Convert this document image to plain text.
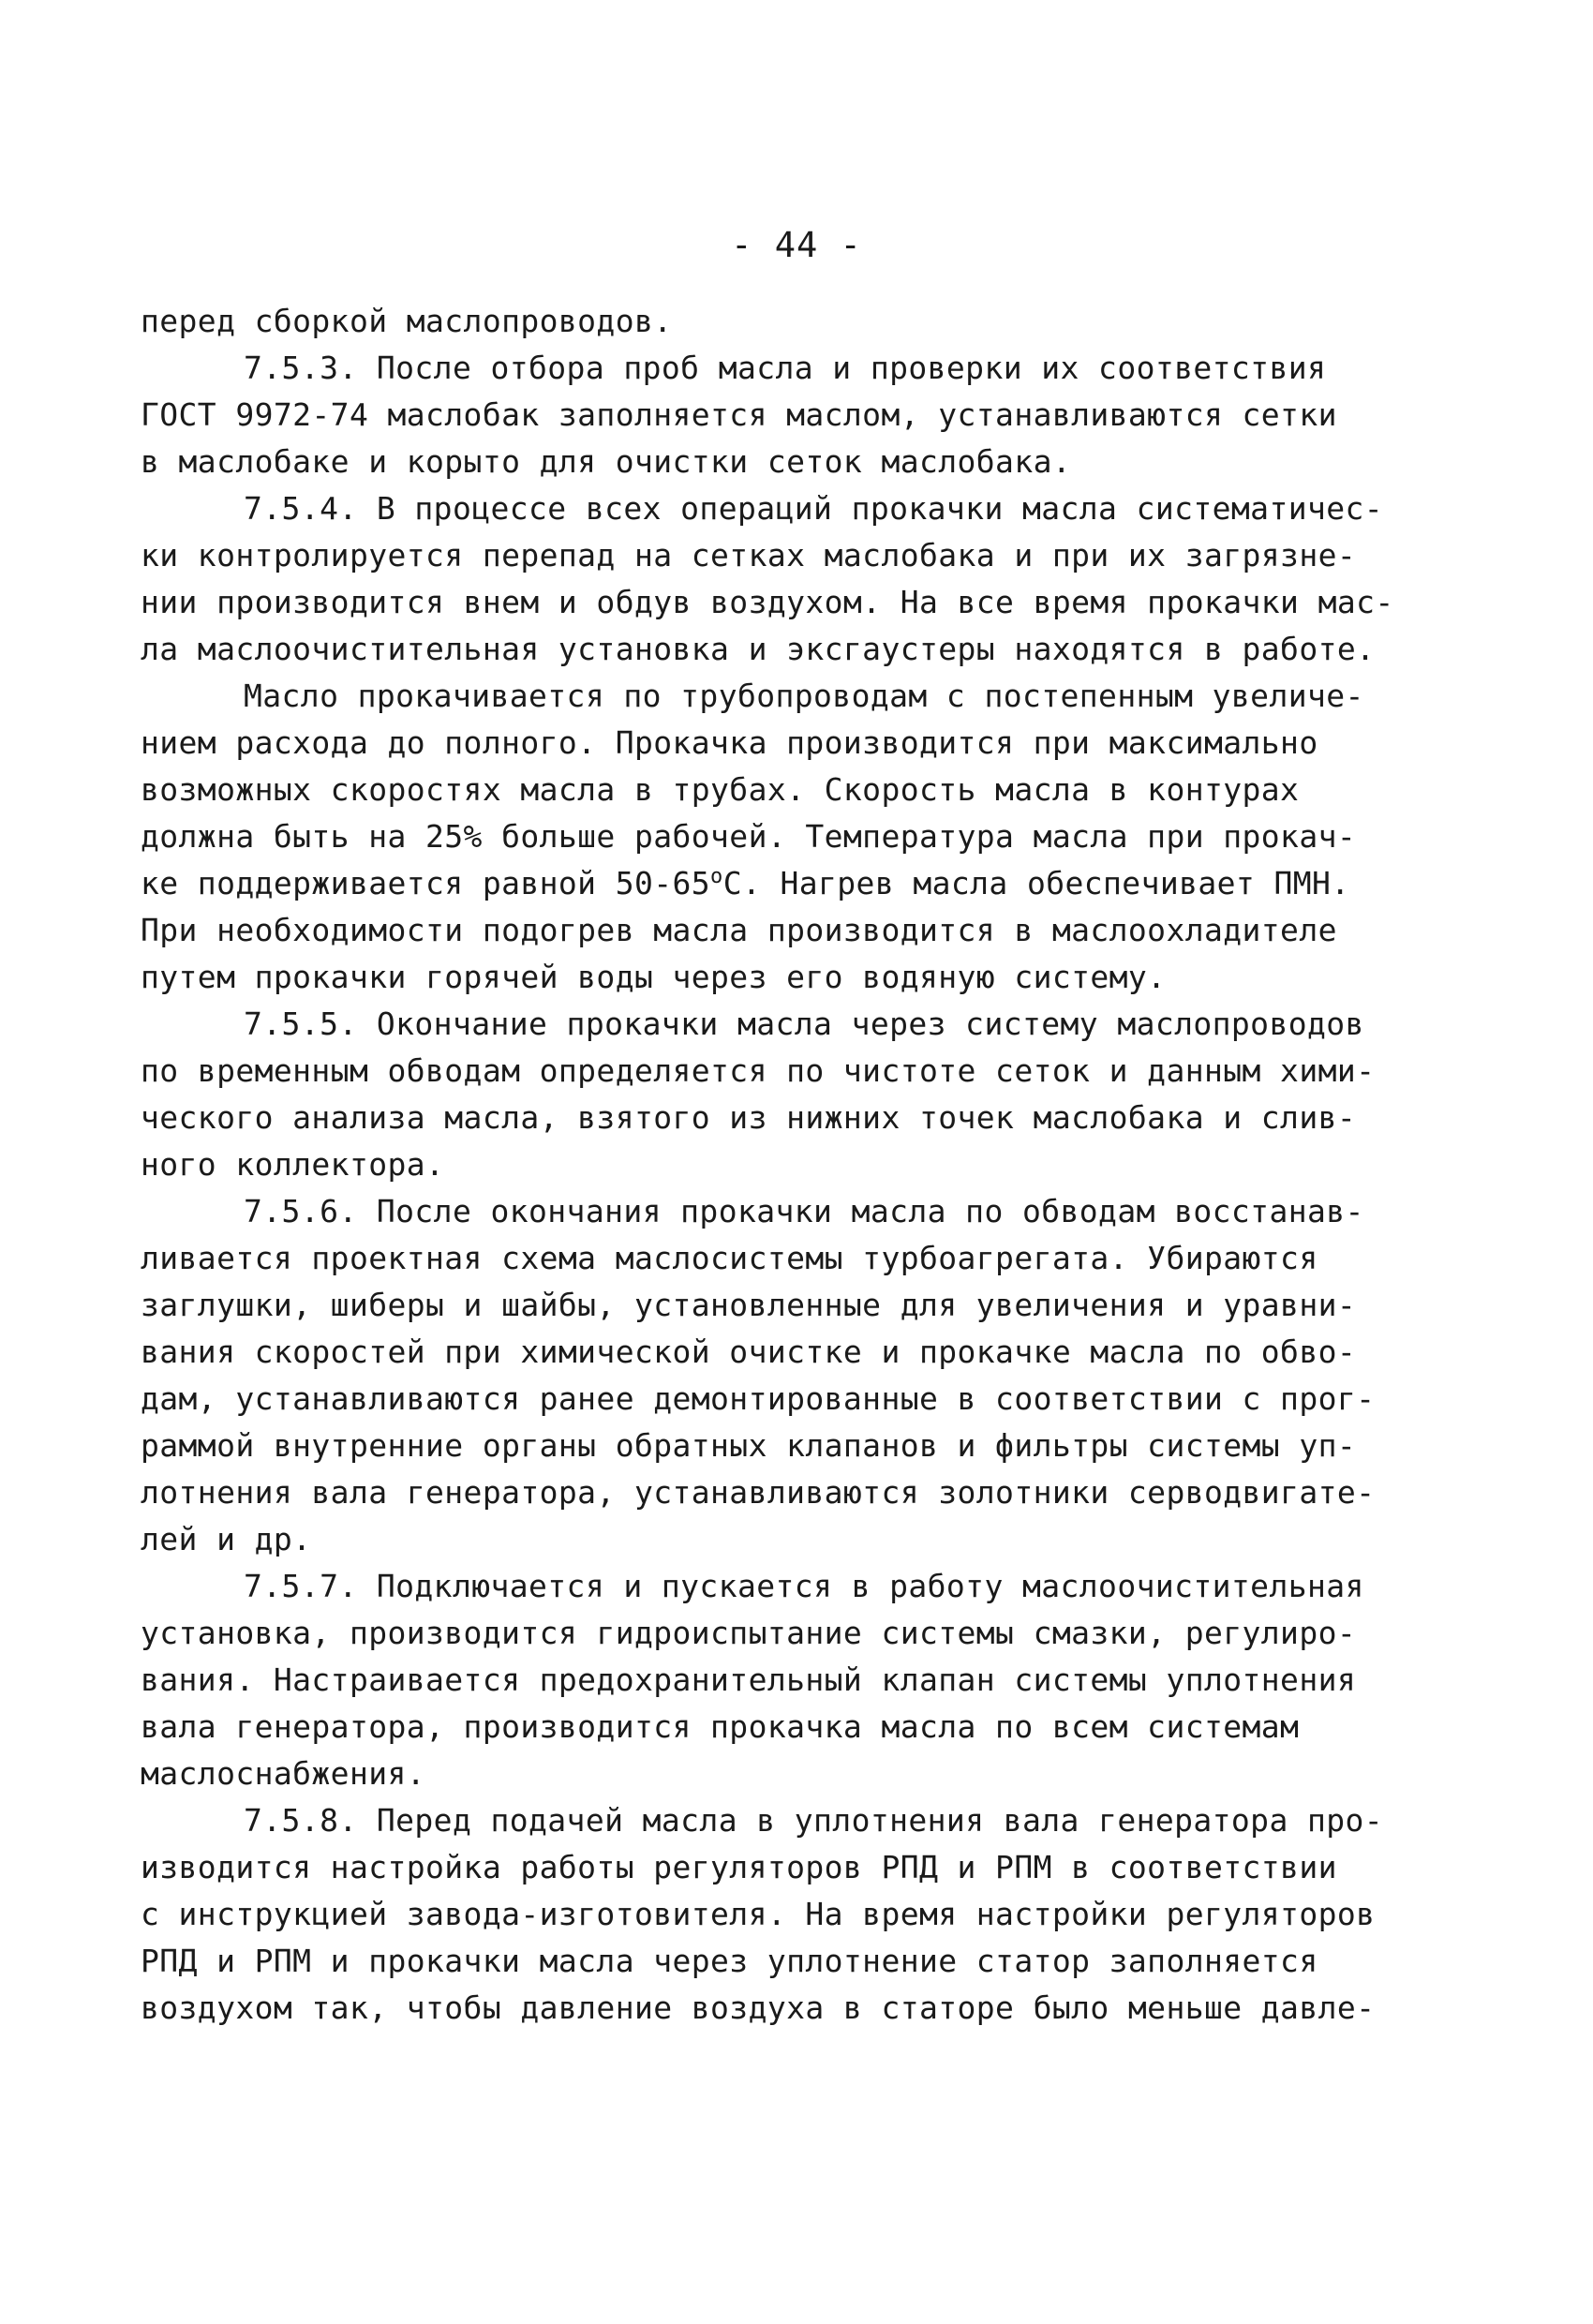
- 44 -
перед сборкой маслопроводов.
7.5.3. После отбора проб масла и проверки их соответствия
ГОСТ 9972-74 маслобак заполняется маслом, устанавливаются сетки
в маслобаке и корыто для очистки сеток маслобака.
7.5.4. В процессе всех операций прокачки масла систематичес-
ки контролируется перепад на сетках маслобака и при их загрязне-
нии производится внем и обдув воздухом. На все время прокачки мас-
ла маслоочистительная установка и эксгаустеры находятся в работе.
Масло прокачивается по трубопроводам с постепенным увеличе-
нием расхода до полного. Прокачка производится при максимально
возможных скоростях масла в трубах. Скорость масла в контурах
должна быть на 25% больше рабочей. Температура масла при прокач-
ке поддерживается равной $50-65^оС$. Нагрев масла обеспечивает ПМН.
При необходимости подогрев масла производится в маслоохладителе
путем прокачки горячей воды через его водяную систему.
7.5.5. Окончание прокачки масла через систему маслопроводов
по временным обводам определяется по чистоте сеток и данным хими-
ческого анализа масла, взятого из нижних точек маслобака и слив-
ного коллектора.
7.5.6. После окончания прокачки масла по обводам восстанав-
ливается проектная схема маслосистемы турбоагрегата. Убираются
заглушки, шиберы и шайбы, установленные для увеличения и уравни-
вания скоростей при химической очистке и прокачке масла по обво-
дам, устанавливаются ранее демонтированные в соответствии с прог-
раммой внутренние органы обратных клапанов и фильтры системы уп-
лотнения вала генератора, устанавливаются золотники серводвигате-
лей и др.
7.5.7. Подключается и пускается в работу маслоочистительная
установка, производится гидроиспытание системы смазки, регулиро-
вания. Настраивается предохранительный клапан системы уплотнения
вала генератора, производится прокачка масла по всем системам
маслоснабжения.
7.5.8. Перед подачей масла в уплотнения вала генератора про-
изводится настройка работы регуляторов РПД и РПМ в соответствии
с инструкцией завода-изготовителя. На время настройки регуляторов
РПД и РПМ и прокачки масла через уплотнение статор заполняется
воздухом так, чтобы давление воздуха в статоре было меньше давле-
